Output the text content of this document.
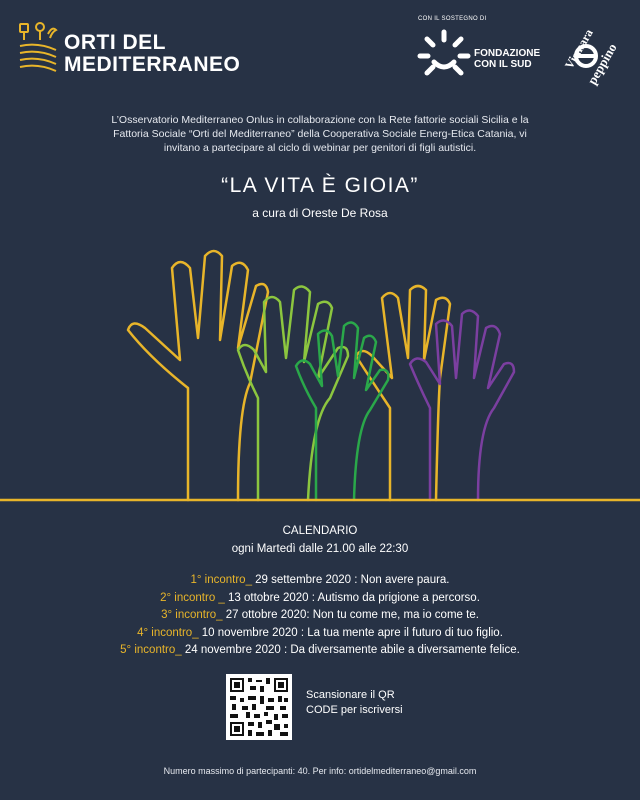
ORTI DEL
MEDITERRANEO
CON IL SOSTEGNO DI
FONDAZIONE
CON IL SUD	Vismara
peppino
L’Osservatorio Mediterraneo Onlus in collaborazione con la Rete fattorie sociali Sicilia e la
Fattoria Sociale “Orti del Mediterraneo” della Cooperativa Sociale Energ-Etica Catania, vi
invitano a partecipare al ciclo di webinar per genitori di figli autistici.
“LA VITA È GIOIA”
a cura di Oreste De Rosa
CALENDARIO
ogni Martedì dalle 21.00 alle 22:30
1° incontro_ 29 settembre 2020 : Non avere paura.
2° incontro _ 13 ottobre 2020 : Autismo da prigione a percorso.
3° incontro_ 27 ottobre 2020: Non tu come me, ma io come te.
4° incontro_ 10 novembre 2020 : La tua mente apre il futuro di tuo figlio.
5° incontro_ 24 novembre 2020 : Da diversamente abile a diversamente felice.
Scansionare il QR
CODE per iscriversi
Numero massimo di partecipanti: 40. Per info: ortidelmediterraneo@gmail.com
